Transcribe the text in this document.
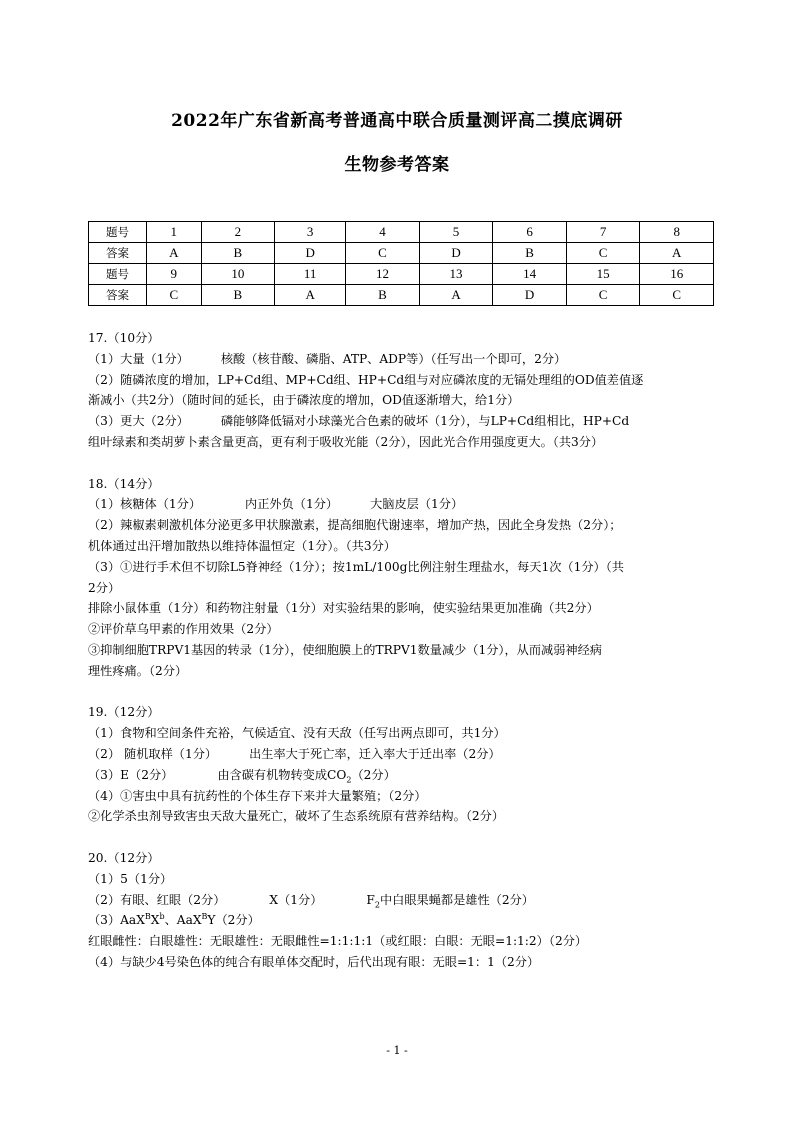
2022年广东省新高考普通高中联合质量测评高二摸底调研
生物参考答案
题号	1	2	3	4	5	6	7	8
答案	A	B	D	C	D	B	C	A
题号	9	10	11	12	13	14	15	16
答案	C	B	A	B	A	D	C	C
17.（10分）
（1）大量（1分）	核酸（核苷酸、磷脂、ATP、ADP等）（任写出一个即可，2分）
（2）随磷浓度的增加，LP+Cd组、MP+Cd组、HP+Cd组与对应磷浓度的无镉处理组的OD值差值逐
渐减小（共2分）（随时间的延长，由于磷浓度的增加，OD值逐渐增大，给1分）
（3）更大（2分）	磷能够降低镉对小球藻光合色素的破坏（1分），与LP+Cd组相比，HP+Cd
组叶绿素和类胡萝卜素含量更高，更有利于吸收光能（2分），因此光合作用强度更大。（共3分）
18.（14分）
（1）核糖体（1分）	内正外负（1分）	大脑皮层（1分）
（2）辣椒素刺激机体分泌更多甲状腺激素，提高细胞代谢速率，增加产热，因此全身发热（2分）；
机体通过出汗增加散热以维持体温恒定（1分）。（共3分）
（3）①进行手术但不切除L5脊神经（1分）；按1mL/100g比例注射生理盐水，每天1次（1分）（共
2分）
排除小鼠体重（1分）和药物注射量（1分）对实验结果的影响，使实验结果更加准确（共2分）
②评价草乌甲素的作用效果（2分）
③抑制细胞TRPV1基因的转录（1分），使细胞膜上的TRPV1数量减少（1分），从而减弱神经病
理性疼痛。（2分）
19.（12分）
（1）食物和空间条件充裕，气候适宜、没有天敌（任写出两点即可，共1分）
（2） 随机取样（1分）	出生率大于死亡率，迁入率大于迁出率（2分）
（3）E（2分）	由含碳有机物转变成$CO_2(2$分）
（4）①害虫中具有抗药性的个体生存下来并大量繁殖；（2分）
②化学杀虫剂导致害虫天敌大量死亡，破坏了生态系统原有营养结构。（2分）
20.（12分）
（1）5（1分）
（2）有眼、红眼（2分）	X（1分）	$F_2$中白眼果蝇都是雄性（2分）
$(3)AaX^BX^b$、AaX$^B$Y（2分）
红眼雌性：白眼雄性：无眼雄性：无眼雌性=1:1:1:1（或红眼：白眼：无眼=1:1:2）（2分）
（4）与缺少4号染色体的纯合有眼单体交配时，后代出现有眼：无眼=1：1（2分）
- 1 -
